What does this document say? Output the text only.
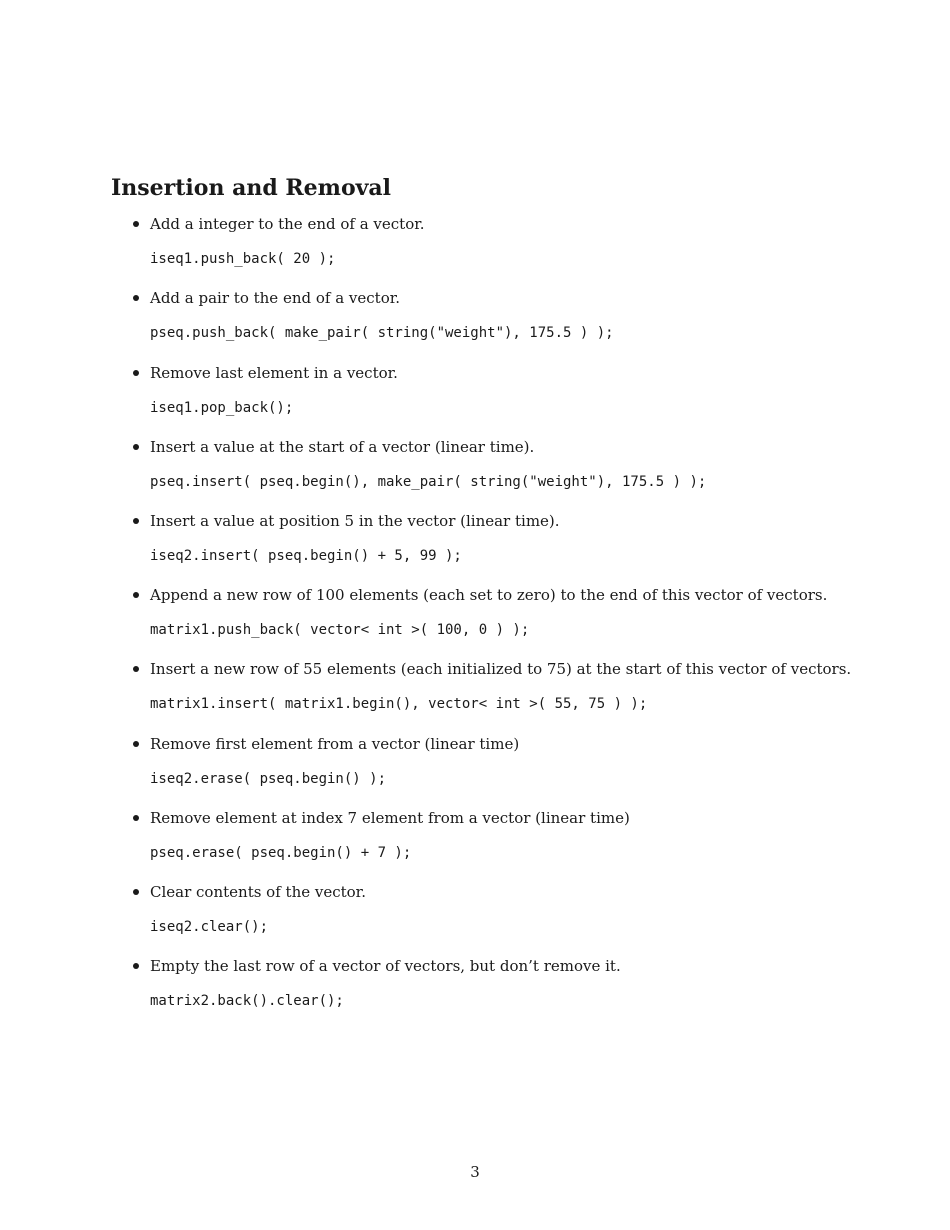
Insertion and Removal
Add a integer to the end of a vector.
iseq1.push_back( 20 );
Add a pair to the end of a vector.
pseq.push_back( make_pair( string("weight"), 175.5 ) );
Remove last element in a vector.
iseq1.pop_back();
Insert a value at the start of a vector (linear time).
pseq.insert( pseq.begin(), make_pair( string("weight"), 175.5 ) );
Insert a value at position 5 in the vector (linear time).
iseq2.insert( pseq.begin() + 5, 99 );
Append a new row of 100 elements (each set to zero) to the end of this vector of vectors.
matrix1.push_back( vector< int >( 100, 0 ) );
Insert a new row of 55 elements (each initialized to 75) at the start of this vector of vectors.
matrix1.insert( matrix1.begin(), vector< int >( 55, 75 ) );
Remove first element from a vector (linear time)
iseq2.erase( pseq.begin() );
Remove element at index 7 element from a vector (linear time)
pseq.erase( pseq.begin() + 7 );
Clear contents of the vector.
iseq2.clear();
Empty the last row of a vector of vectors, but don’t remove it.
matrix2.back().clear();
3
